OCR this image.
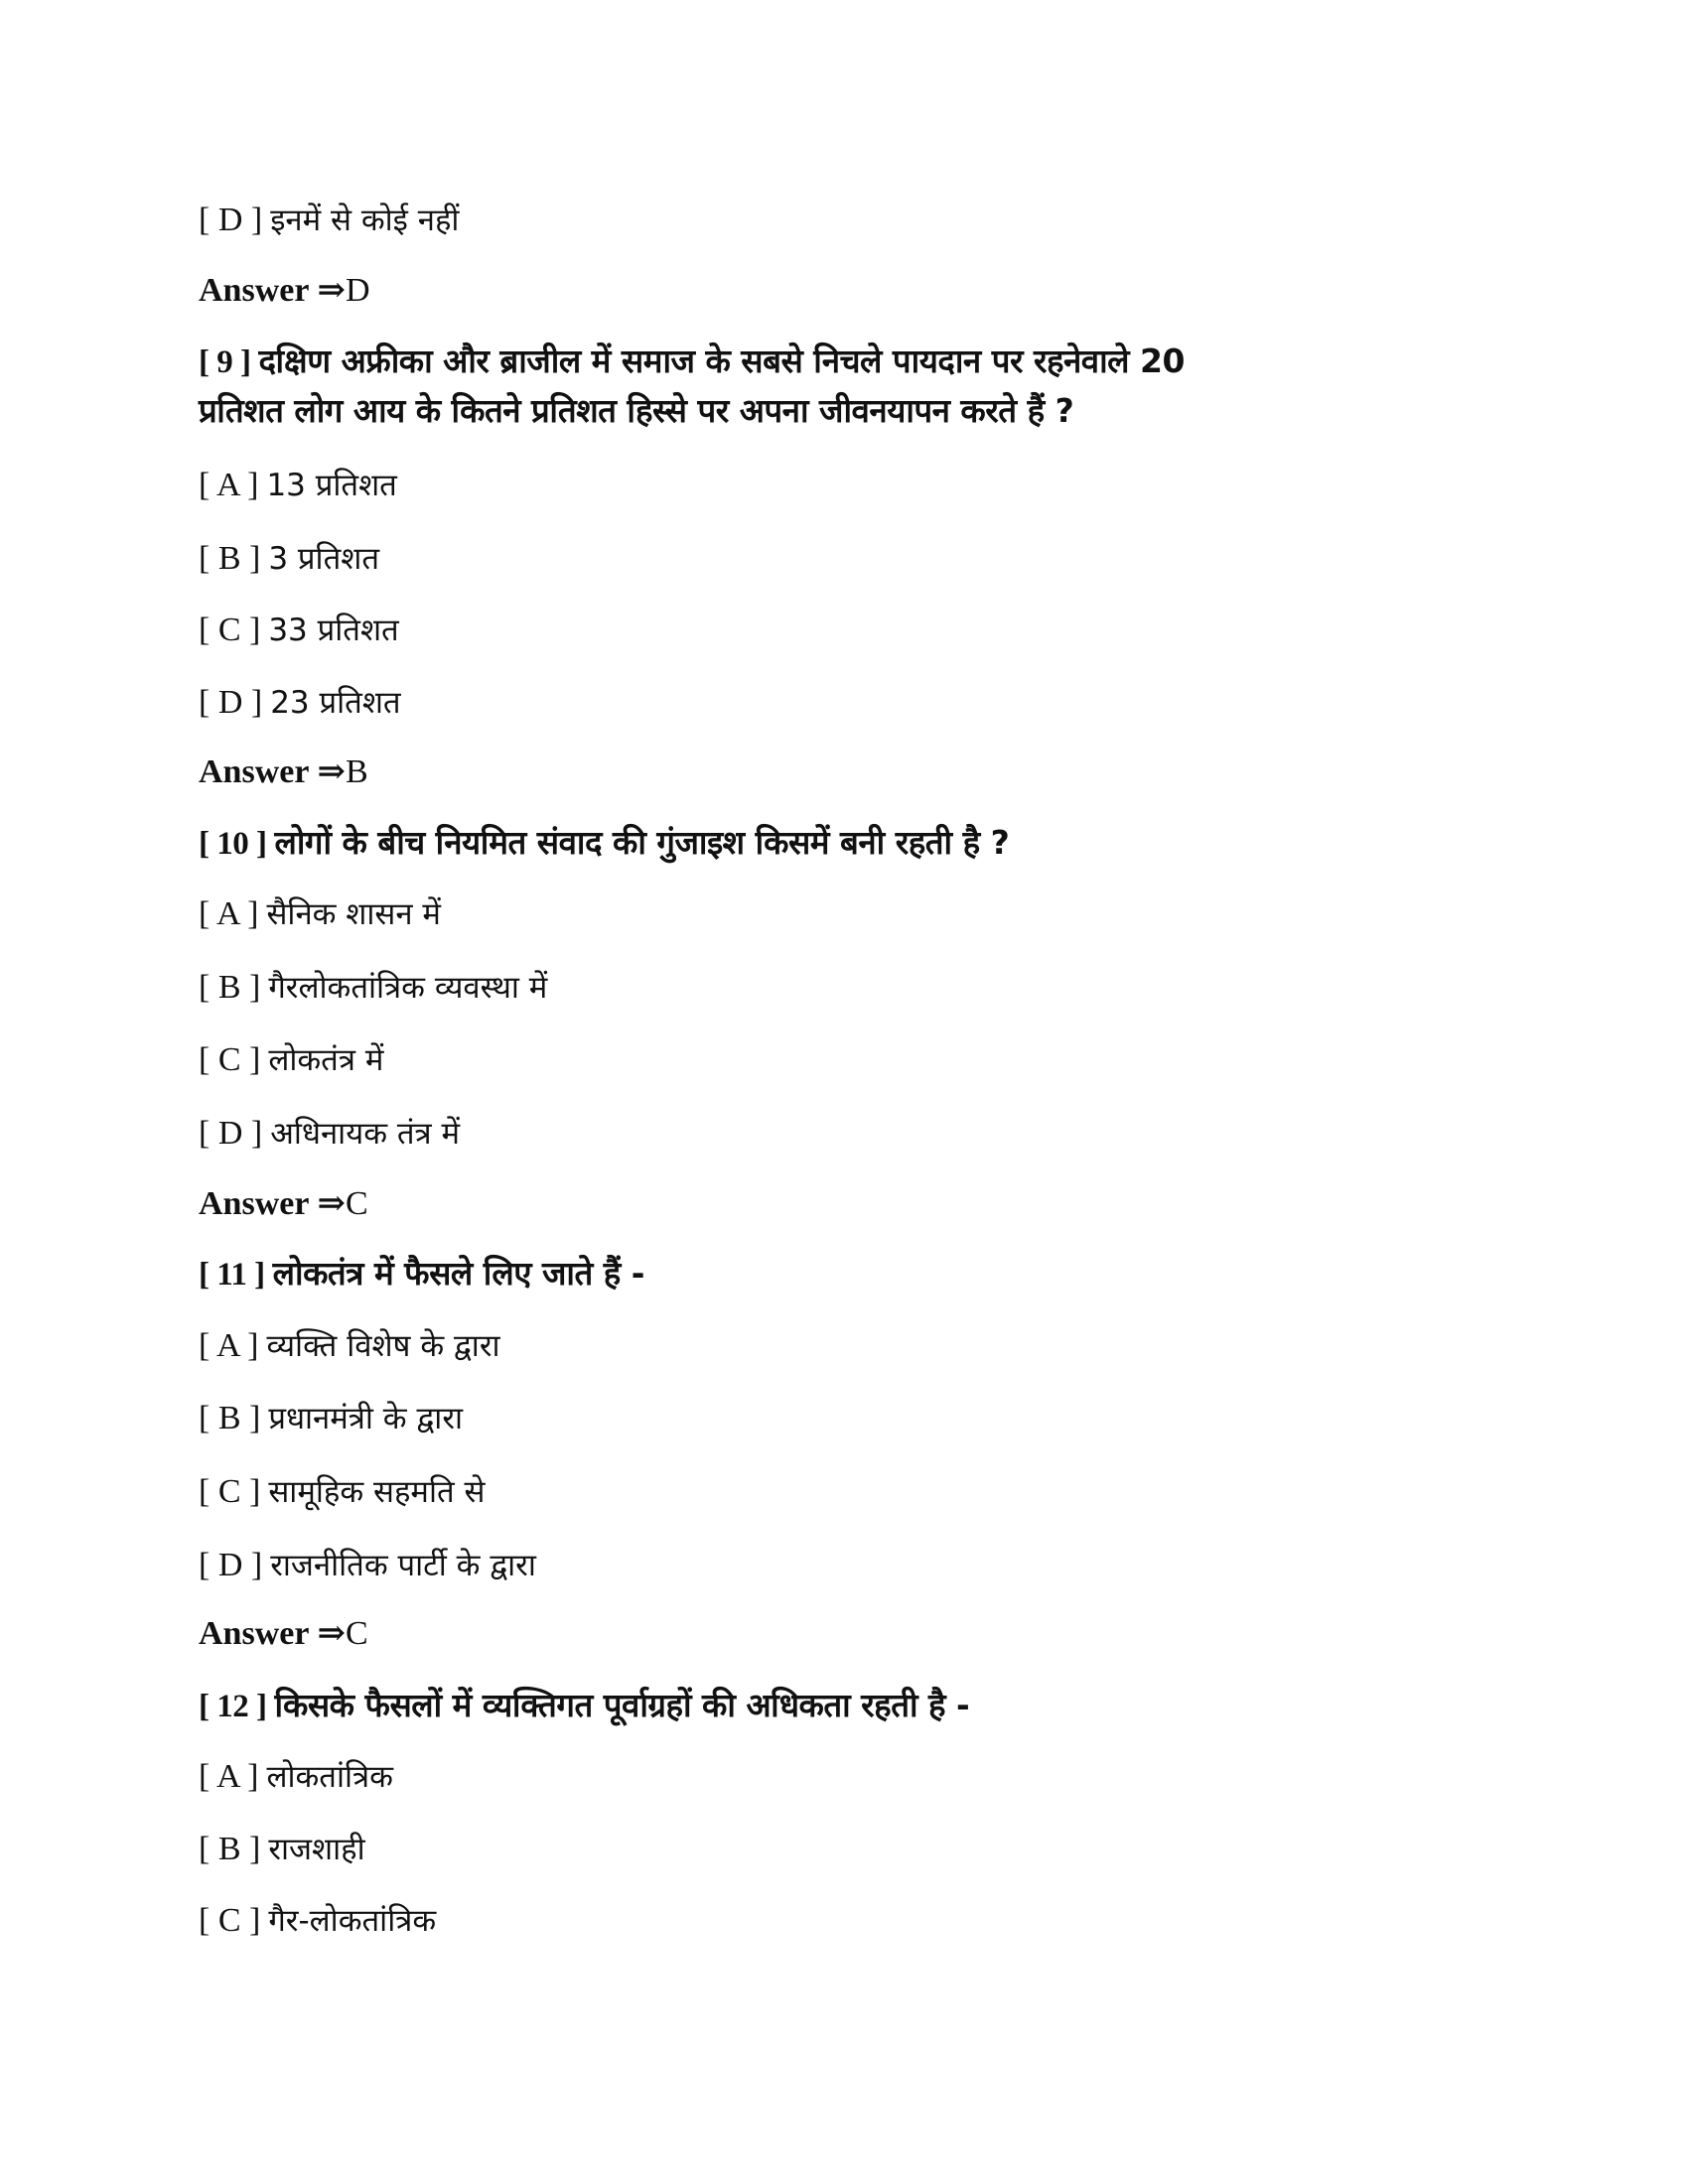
[ D ] इनमें से कोई नहीं
Answer ⇒D
[ 9 ] दक्षिण अफ्रीका और ब्राजील में समाज के सबसे निचले पायदान पर रहनेवाले 20
प्रतिशत लोग आय के कितने प्रतिशत हिस्से पर अपना जीवनयापन करते हैं ?
[ A ] 13 प्रतिशत
[ B ] 3 प्रतिशत
[ C ] 33 प्रतिशत
[ D ] 23 प्रतिशत
Answer ⇒B
[ 10 ] लोगों के बीच नियमित संवाद की गुंजाइश किसमें बनी रहती है ?
[ A ] सैनिक शासन में
[ B ] गैरलोकतांत्रिक व्यवस्था में
[ C ] लोकतंत्र में
[ D ] अधिनायक तंत्र में
Answer ⇒C
[ 11 ] लोकतंत्र में फैसले लिए जाते हैं -
[ A ] व्यक्ति विशेष के द्वारा
[ B ] प्रधानमंत्री के द्वारा
[ C ] सामूहिक सहमति से
[ D ] राजनीतिक पार्टी के द्वारा
Answer ⇒C
[ 12 ] किसके फैसलों में व्यक्तिगत पूर्वाग्रहों की अधिकता रहती है -
[ A ] लोकतांत्रिक
[ B ] राजशाही
[ C ] गैर-लोकतांत्रिक
